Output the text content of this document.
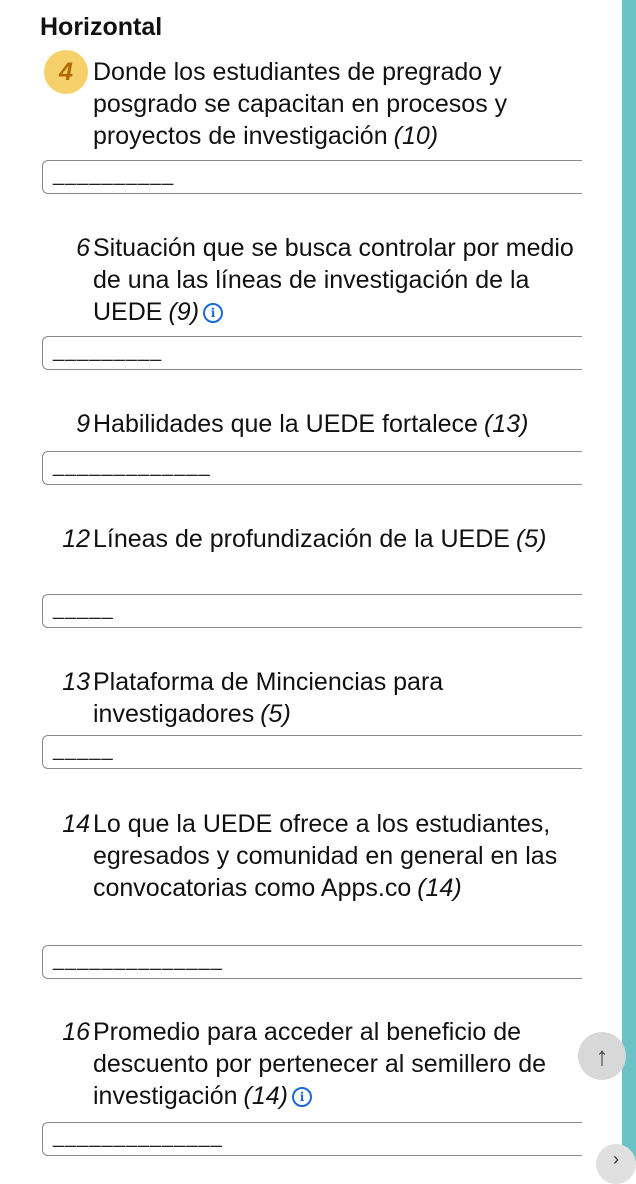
Horizontal
4 Donde los estudiantes de pregrado y posgrado se capacitan en procesos y proyectos de investigación (10)
__________
6 Situación que se busca controlar por medio de una las líneas de investigación de la UEDE (9) i
_________
9 Habilidades que la UEDE fortalece (13)
_____________
12 Líneas de profundización de la UEDE (5)
_____
13 Plataforma de Minciencias para investigadores (5)
_____
14 Lo que la UEDE ofrece a los estudiantes, egresados y comunidad en general en las convocatorias como Apps.co (14)
______________
16 Promedio para acceder al beneficio de descuento por pertenecer al semillero de investigación (14) i
______________
↑
›
